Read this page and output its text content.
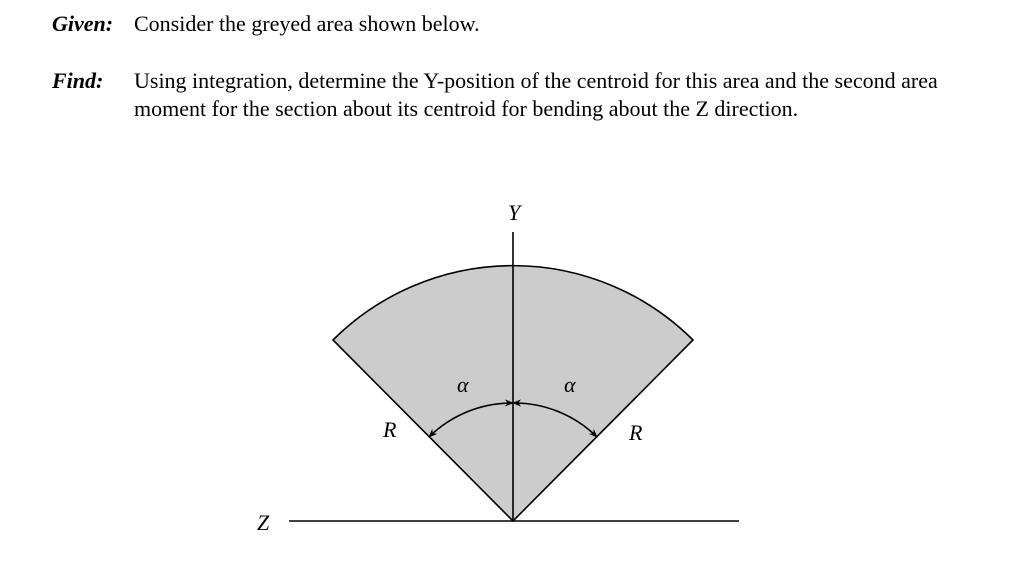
Given: Consider the greyed area shown below.
Find: Using integration, determine the Y-position of the centroid for this area and the second area moment for the section about its centroid for bending about the Z direction.
Y
Z
α	α
R	R
